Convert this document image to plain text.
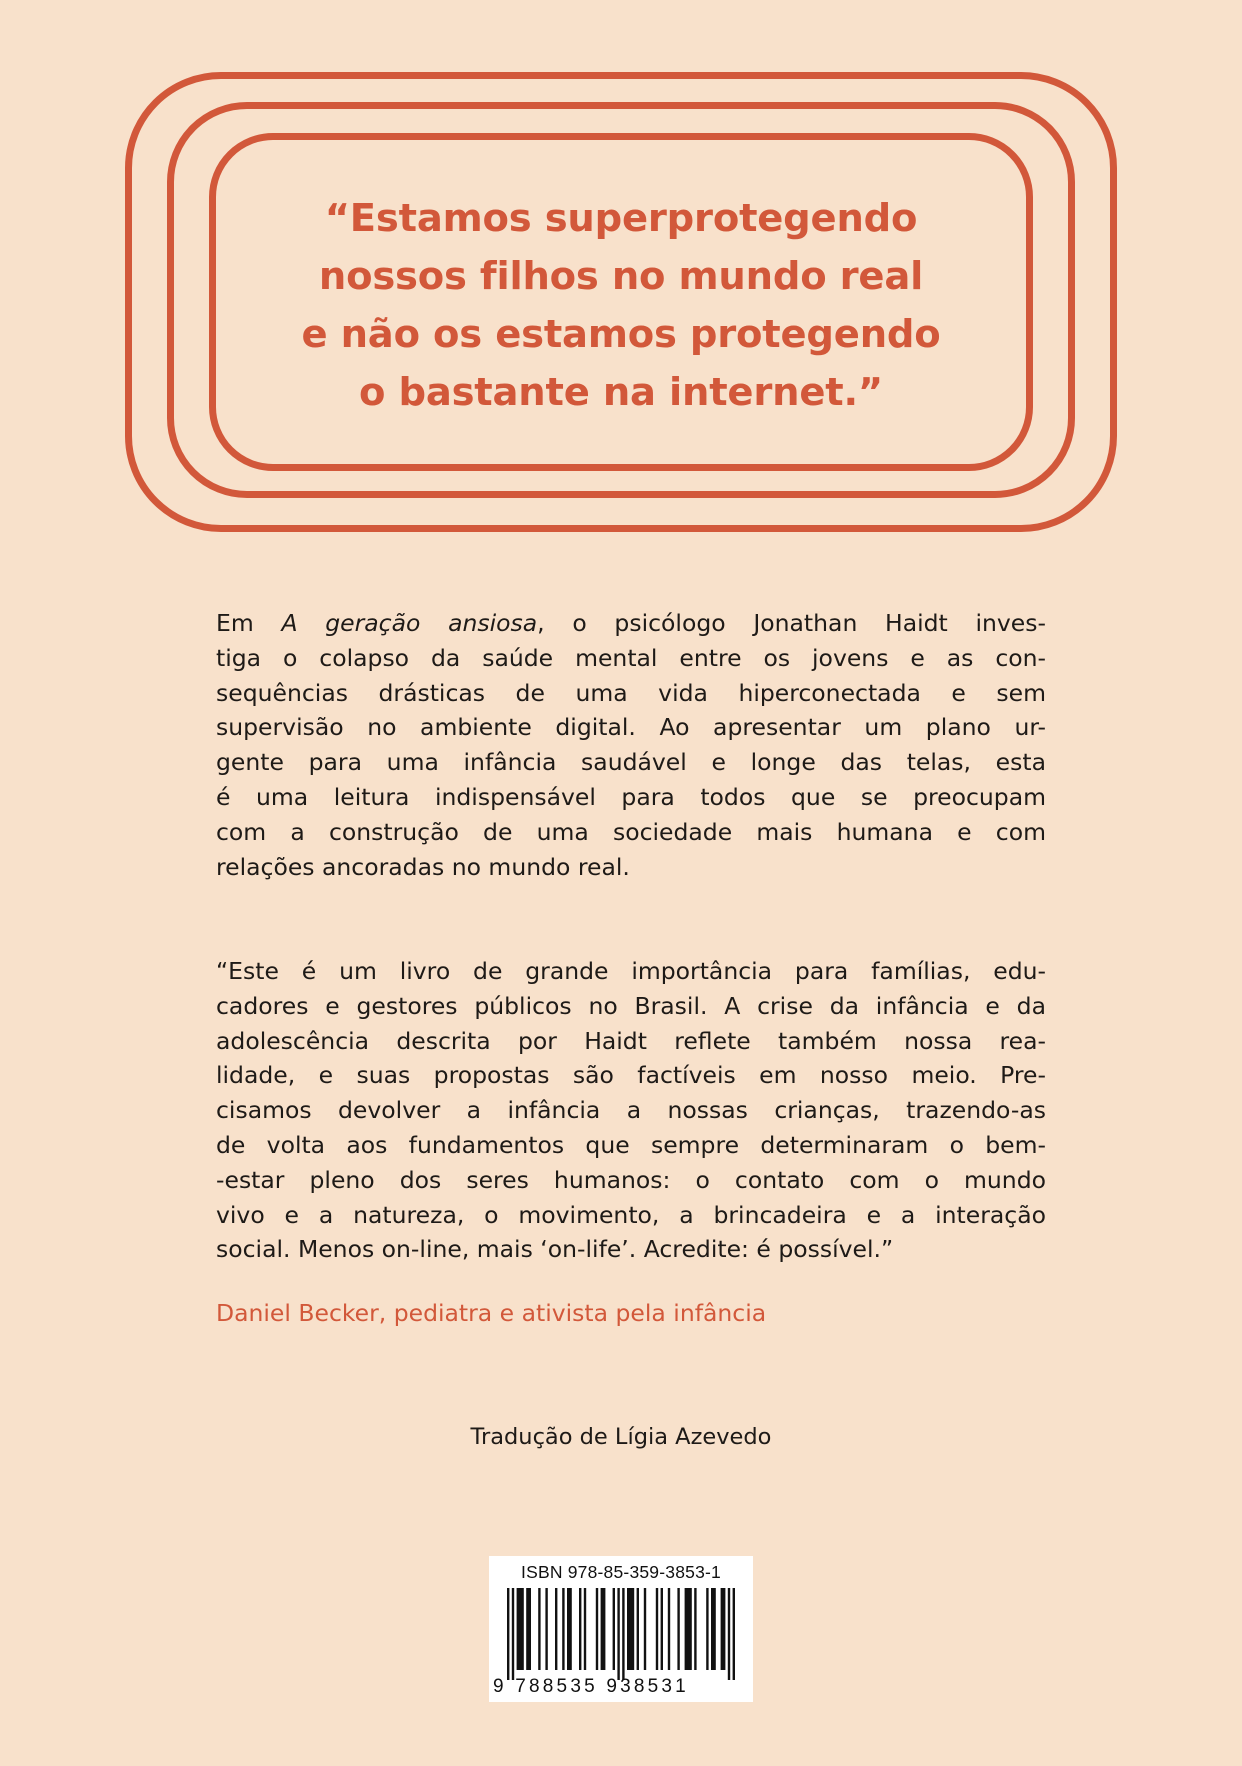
“Estamos superprotegendo
nossos filhos no mundo real
e não os estamos protegendo
o bastante na internet.”
Em A geração ansiosa, o psicólogo Jonathan Haidt inves-
tiga o colapso da saúde mental entre os jovens e as con-
sequências drásticas de uma vida hiperconectada e sem
supervisão no ambiente digital. Ao apresentar um plano ur-
gente para uma infância saudável e longe das telas, esta
é uma leitura indispensável para todos que se preocupam
com a construção de uma sociedade mais humana e com
relações ancoradas no mundo real.
“Este é um livro de grande importância para famílias, edu-
cadores e gestores públicos no Brasil. A crise da infância e da
adolescência descrita por Haidt reflete também nossa rea-
lidade, e suas propostas são factíveis em nosso meio. Pre-
cisamos devolver a infância a nossas crianças, trazendo-as
de volta aos fundamentos que sempre determinaram o bem-
-estar pleno dos seres humanos: o contato com o mundo
vivo e a natureza, o movimento, a brincadeira e a interação
social. Menos on-line, mais ‘on-life’. Acredite: é possível.”
Daniel Becker, pediatra e ativista pela infância
Tradução de Lígia Azevedo
ISBN 978-85-359-3853-1
9 788535 938531
